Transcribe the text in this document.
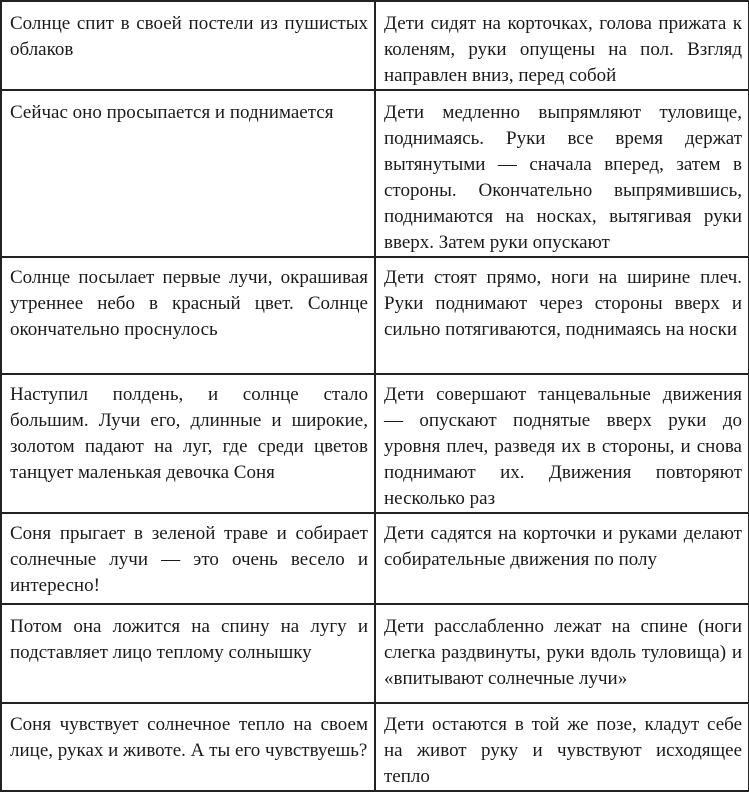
Солнце спит в своей постели из пушистых облаков	Дети сидят на корточках, голова прижата к коленям, руки опущены на пол. Взгляд направлен вниз, перед собой

Сейчас оно просыпается и поднимается	Дети медленно выпрямляют туловище, поднимаясь. Руки все время держат вытянутыми — сначала вперед, затем в стороны. Окончательно выпрямившись, поднимаются на носках, вытягивая руки вверх. Затем руки опускают

Солнце посылает первые лучи, окрашивая утреннее небо в красный цвет. Солнце окончательно проснулось	Дети стоят прямо, ноги на ширине плеч. Руки поднимают через стороны вверх и сильно потягиваются, поднимаясь на носки

Наступил полдень, и солнце стало большим. Лучи его, длинные и широкие, золотом падают на луг, где среди цветов танцует маленькая девочка Соня	Дети совершают танцевальные движения — опускают поднятые вверх руки до уровня плеч, разведя их в стороны, и снова поднимают их. Движения повторяют несколько раз

Соня прыгает в зеленой траве и собирает солнечные лучи — это очень весело и интересно!	Дети садятся на корточки и руками делают собирательные движения по полу

Потом она ложится на спину на лугу и подставляет лицо теплому солнышку	Дети расслабленно лежат на спине (ноги слегка раздвинуты, руки вдоль туловища) и «впитывают солнечные лучи»

Соня чувствует солнечное тепло на своем лице, руках и животе. А ты его чувствуешь?	Дети остаются в той же позе, кладут себе на живот руку и чувствуют исходящее тепло
